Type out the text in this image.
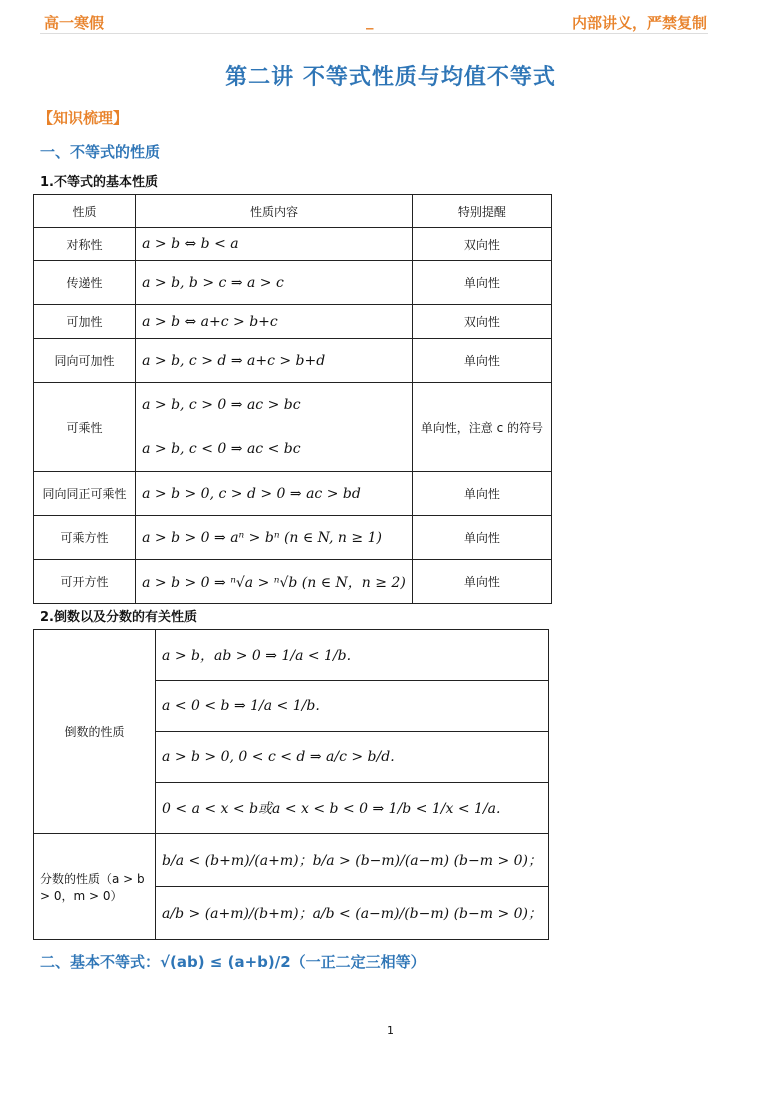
高一寒假	_	内部讲义，严禁复制
第二讲 不等式性质与均值不等式
【知识梳理】
一、不等式的性质
1.不等式的基本性质
性质	性质内容	特别提醒
对称性	a > b ⇔ b < a	双向性
传递性	a > b, b > c ⇒ a > c	单向性
可加性	a > b ⇔ a+c > b+c	双向性
同向可加性	a > b, c > d ⇒ a+c > b+d	单向性
可乘性	a > b, c > 0 ⇒ ac > bc
a > b, c < 0 ⇒ ac < bc	单向性，注意 c 的符号
同向同正可乘性	a > b > 0, c > d > 0 ⇒ ac > bd	单向性
可乘方性	a > b > 0 ⇒ aⁿ > bⁿ (n ∈ N, n ≥ 1)	单向性
可开方性	a > b > 0 ⇒ ⁿ√a > ⁿ√b (n ∈ N，n ≥ 2)	单向性
2.倒数以及分数的有关性质
倒数的性质	a > b，ab > 0 ⇒ 1/a < 1/b.
	a < 0 < b ⇒ 1/a < 1/b.
	a > b > 0, 0 < c < d ⇒ a/c > b/d.
	0 < a < x < b或a < x < b < 0 ⇒ 1/b < 1/x < 1/a.
分数的性质（a > b > 0，m > 0）	b/a < (b+m)/(a+m)；b/a > (b−m)/(a−m) (b−m > 0)；
	a/b > (a+m)/(b+m)；a/b < (a−m)/(b−m) (b−m > 0)；
二、基本不等式：√(ab) ≤ (a+b)/2（一正二定三相等）
1
